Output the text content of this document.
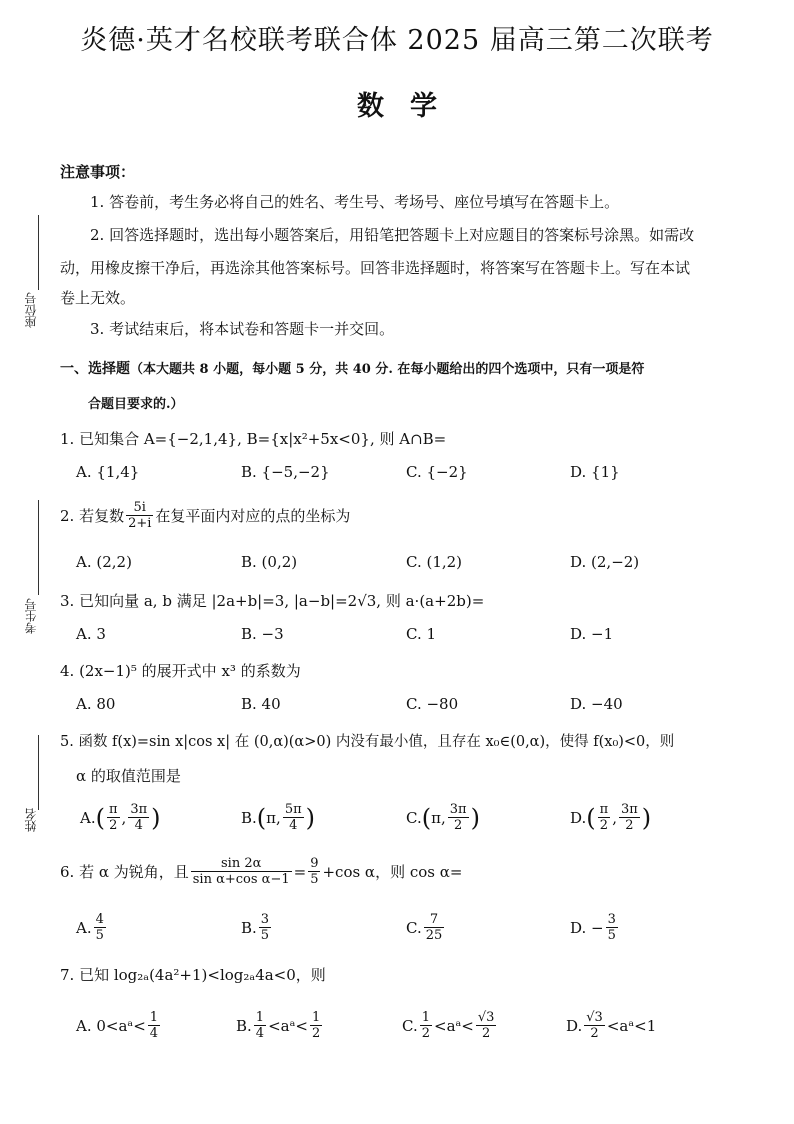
炎德·英才名校联考联合体 2025 届高三第二次联考
数学
座位号
考生号
姓名
注意事项：
1. 答卷前，考生务必将自己的姓名、考生号、考场号、座位号填写在答题卡上。
2. 回答选择题时，选出每小题答案后，用铅笔把答题卡上对应题目的答案标号涂黑。如需改
动，用橡皮擦干净后，再选涂其他答案标号。回答非选择题时，将答案写在答题卡上。写在本试
卷上无效。
3. 考试结束后，将本试卷和答题卡一并交回。
一、选择题（本大题共 8 小题，每小题 5 分，共 40 分. 在每小题给出的四个选项中，只有一项是符
合题目要求的.）
1. 已知集合 A={−2,1,4}, B={x|x²+5x<0}, 则 A∩B=
A. {1,4}	B. {−5,−2}	C. {−2}	D. {1}
2. 若复数 $\frac{5i}{2+i}$ 在复平面内对应的点的坐标为
A. (2,2)	B. (0,2)	C. (1,2)	D. (2,−2)
3. 已知向量 a, b 满足 |2a+b|=3, |a−b|=2√3, 则 a·(a+2b)=
A. 3	B. −3	C. 1	D. −1
4. (2x−1)⁵ 的展开式中 x³ 的系数为
A. 80	B. 40	C. −80	D. −40
5. 函数 f(x)=sin x|cos x| 在 (0,α)(α>0) 内没有最小值，且存在 x₀∈(0,α)，使得 f(x₀)<0，则
α 的取值范围是
A. ( $\frac{\pi}{2}$ , $\frac{3\pi}{4}$ )	B. ( π , $\frac{5\pi}{4}$ )	C. ( π , $\frac{3\pi}{2}$ )	D. ( $\frac{\pi}{2}$ , $\frac{3\pi}{2}$ )
6. 若 α 为锐角，且 $\frac{\sin 2\alpha}{\text{sin α+cos α−1}} = \frac{9}{5} +\cos$ α，则 cos α=
A. $\frac{4}{5}$	B. $\frac{3}{5}$	C. $\frac{7}{25}$	D. − $\frac{3}{5}$
7. 已知 log₂ₐ(4a²+1)<log₂ₐ4a<0，则
A. 0<aᵃ< $\frac{1}{4}$	B. $\frac{1}{4}$ <aᵃ< $\frac{1}{2}$	C. $\frac{1}{2}$ <aᵃ< $\frac{√3}{2}$	D. $\frac{√3}{2}$ <aᵃ<1
